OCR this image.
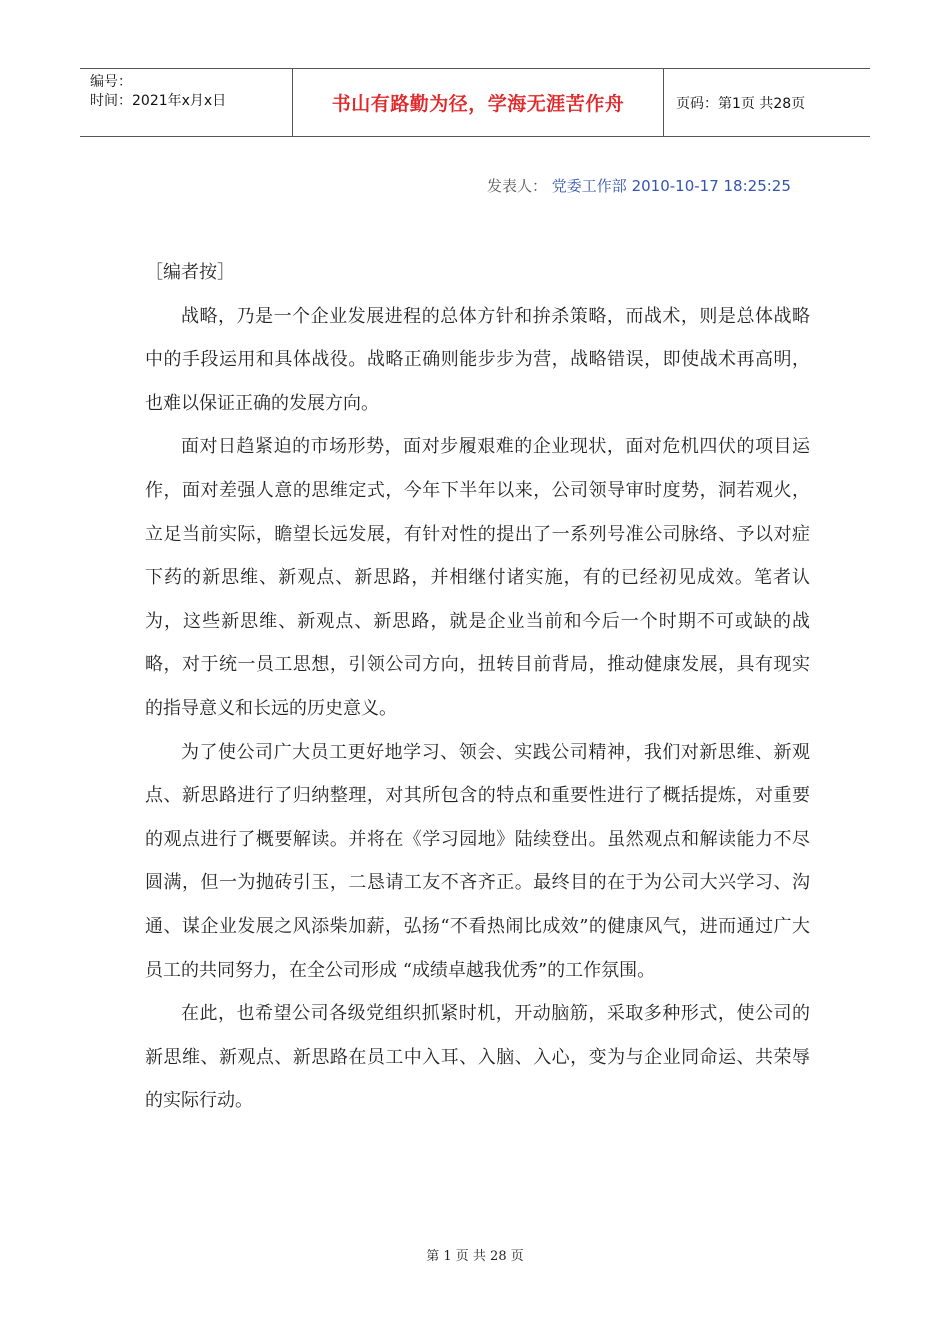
编号：
时间：2021年x月x日	书山有路勤为径，学海无涯苦作舟	页码：第1页 共28页
发表人： 党委工作部 2010-10-17 18:25:25

［编者按］

战略，乃是一个企业发展进程的总体方针和拚杀策略，而战术，则是总体战略中的手段运用和具体战役。战略正确则能步步为营，战略错误，即使战术再高明，也难以保证正确的发展方向。

面对日趋紧迫的市场形势，面对步履艰难的企业现状，面对危机四伏的项目运作，面对差强人意的思维定式，今年下半年以来，公司领导审时度势，洞若观火，立足当前实际，瞻望长远发展，有针对性的提出了一系列号准公司脉络、予以对症下药的新思维、新观点、新思路，并相继付诸实施，有的已经初见成效。笔者认为，这些新思维、新观点、新思路，就是企业当前和今后一个时期不可或缺的战略，对于统一员工思想，引领公司方向，扭转目前背局，推动健康发展，具有现实的指导意义和长远的历史意义。

为了使公司广大员工更好地学习、领会、实践公司精神，我们对新思维、新观点、新思路进行了归纳整理，对其所包含的特点和重要性进行了概括提炼，对重要的观点进行了概要解读。并将在《学习园地》陆续登出。虽然观点和解读能力不尽圆满，但一为抛砖引玉，二恳请工友不吝齐正。最终目的在于为公司大兴学习、沟通、谋企业发展之风添柴加薪，弘扬“不看热闹比成效”的健康风气，进而通过广大员工的共同努力，在全公司形成 “成绩卓越我优秀”的工作氛围。

在此，也希望公司各级党组织抓紧时机，开动脑筋，采取多种形式，使公司的新思维、新观点、新思路在员工中入耳、入脑、入心，变为与企业同命运、共荣辱的实际行动。

第 1 页 共 28 页
